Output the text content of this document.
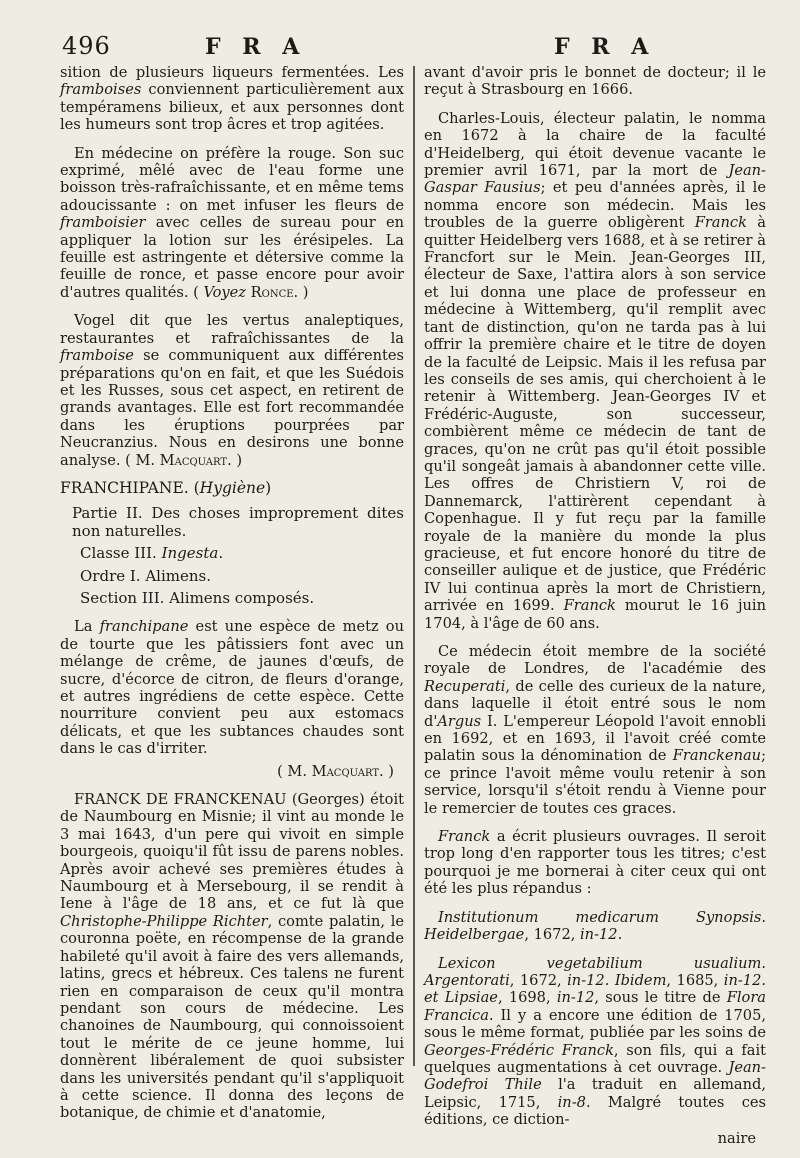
496	F R A	F R A

sition de plusieurs liqueurs fermentées. Les framboises conviennent particulièrement aux tempéramens bilieux, et aux personnes dont les humeurs sont trop âcres et trop agitées.

En médecine on préfère la rouge. Son suc exprimé, mêlé avec de l'eau forme une boisson très-rafraîchissante, et en même tems adoucissante : on met infuser les fleurs de framboisier avec celles de sureau pour en appliquer la lotion sur les érésipeles. La feuille est astringente et détersive comme la feuille de ronce, et passe encore pour avoir d'autres qualités. ( Voyez Ronce. )

Vogel dit que les vertus analeptiques, restaurantes et rafraîchissantes de la framboise se communiquent aux différentes préparations qu'on en fait, et que les Suédois et les Russes, sous cet aspect, en retirent de grands avantages. Elle est fort recommandée dans les éruptions pourprées par Neucranzius. Nous en desirons une bonne analyse. ( M. Macquart. )

FRANCHIPANE. (Hygiène)

Partie II. Des choses improprement dites non naturelles.

Classe III. Ingesta.

Ordre I. Alimens.

Section III. Alimens composés.

La franchipane est une espèce de metz ou de tourte que les pâtissiers font avec un mélange de crême, de jaunes d'œufs, de sucre, d'écorce de citron, de fleurs d'orange, et autres ingrédiens de cette espèce. Cette nourriture convient peu aux estomacs délicats, et que les subtances chaudes sont dans le cas d'irriter.

( M. Macquart. )

FRANCK DE FRANCKENAU (Georges) étoit de Naumbourg en Misnie; il vint au monde le 3 mai 1643, d'un pere qui vivoit en simple bourgeois, quoiqu'il fût issu de parens nobles. Après avoir achevé ses premières études à Naumbourg et à Mersebourg, il se rendit à Iene à l'âge de 18 ans, et ce fut là que Christophe-Philippe Richter, comte palatin, le couronna poëte, en récompense de la grande habileté qu'il avoit à faire des vers allemands, latins, grecs et hébreux. Ces talens ne furent rien en comparaison de ceux qu'il montra pendant son cours de médecine. Les chanoines de Naumbourg, qui connoissoient tout le mérite de ce jeune homme, lui donnèrent libéralement de quoi subsister dans les universités pendant qu'il s'appliquoit à cette science. Il donna des leçons de botanique, de chimie et d'anatomie,

avant d'avoir pris le bonnet de docteur; il le reçut à Strasbourg en 1666.

Charles-Louis, électeur palatin, le nomma en 1672 à la chaire de la faculté d'Heidelberg, qui étoit devenue vacante le premier avril 1671, par la mort de Jean-Gaspar Fausius; et peu d'années après, il le nomma encore son médecin. Mais les troubles de la guerre obligèrent Franck à quitter Heidelberg vers 1688, et à se retirer à Francfort sur le Mein. Jean-Georges III, électeur de Saxe, l'attira alors à son service et lui donna une place de professeur en médecine à Wittemberg, qu'il remplit avec tant de distinction, qu'on ne tarda pas à lui offrir la première chaire et le titre de doyen de la faculté de Leipsic. Mais il les refusa par les conseils de ses amis, qui cherchoient à le retenir à Wittemberg. Jean-Georges IV et Frédéric-Auguste, son successeur, combièrent même ce médecin de tant de graces, qu'on ne crût pas qu'il étoit possible qu'il songeât jamais à abandonner cette ville. Les offres de Christiern V, roi de Dannemarck, l'attirèrent cependant à Copenhague. Il y fut reçu par la famille royale de la manière du monde la plus gracieuse, et fut encore honoré du titre de conseiller aulique et de justice, que Frédéric IV lui continua après la mort de Christiern, arrivée en 1699. Franck mourut le 16 juin 1704, à l'âge de 60 ans.

Ce médecin étoit membre de la société royale de Londres, de l'académie des Recuperati, de celle des curieux de la nature, dans laquelle il étoit entré sous le nom d'Argus I. L'empereur Léopold l'avoit ennobli en 1692, et en 1693, il l'avoit créé comte palatin sous la dénomination de Franckenau; ce prince l'avoit même voulu retenir à son service, lorsqu'il s'étoit rendu à Vienne pour le remercier de toutes ces graces.

Franck a écrit plusieurs ouvrages. Il seroit trop long d'en rapporter tous les titres; c'est pourquoi je me bornerai à citer ceux qui ont été les plus répandus :

Institutionum medicarum Synopsis. Heidelbergae, 1672, in-12.

Lexicon vegetabilium usualium. Argentorati, 1672, in-12. Ibidem, 1685, in-12. et Lipsiae, 1698, in-12, sous le titre de Flora Francica. Il y a encore une édition de 1705, sous le même format, publiée par les soins de Georges-Frédéric Franck, son fils, qui a fait quelques augmentations à cet ouvrage. Jean-Godefroi Thile l'a traduit en allemand, Leipsic, 1715, in-8. Malgré toutes ces éditions, ce diction-

naire
